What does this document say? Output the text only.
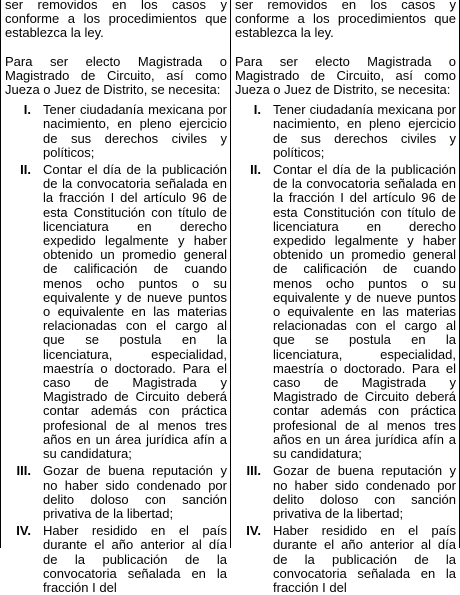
ser removidos en los casos y conforme a los procedimientos que establezca la ley.

Para ser electo Magistrada o Magistrado de Circuito, así como Jueza o Juez de Distrito, se necesita:

I. Tener ciudadanía mexicana por nacimiento, en pleno ejercicio de sus derechos civiles y políticos;
II. Contar el día de la publicación de la convocatoria señalada en la fracción I del artículo 96 de esta Constitución con título de licenciatura en derecho expedido legalmente y haber obtenido un promedio general de calificación de cuando menos ocho puntos o su equivalente y de nueve puntos o equivalente en las materias relacionadas con el cargo al que se postula en la licenciatura, especialidad, maestría o doctorado. Para el caso de Magistrada y Magistrado de Circuito deberá contar además con práctica profesional de al menos tres años en un área jurídica afín a su candidatura;
III. Gozar de buena reputación y no haber sido condenado por delito doloso con sanción privativa de la libertad;
IV. Haber residido en el país durante el año anterior al día de la publicación de la convocatoria señalada en la fracción I del

ser removidos en los casos y conforme a los procedimientos que establezca la ley.

Para ser electo Magistrada o Magistrado de Circuito, así como Jueza o Juez de Distrito, se necesita:

I. Tener ciudadanía mexicana por nacimiento, en pleno ejercicio de sus derechos civiles y políticos;
II. Contar el día de la publicación de la convocatoria señalada en la fracción I del artículo 96 de esta Constitución con título de licenciatura en derecho expedido legalmente y haber obtenido un promedio general de calificación de cuando menos ocho puntos o su equivalente y de nueve puntos o equivalente en las materias relacionadas con el cargo al que se postula en la licenciatura, especialidad, maestría o doctorado. Para el caso de Magistrada y Magistrado de Circuito deberá contar además con práctica profesional de al menos tres años en un área jurídica afín a su candidatura;
III. Gozar de buena reputación y no haber sido condenado por delito doloso con sanción privativa de la libertad;
IV. Haber residido en el país durante el año anterior al día de la publicación de la convocatoria señalada en la fracción I del
